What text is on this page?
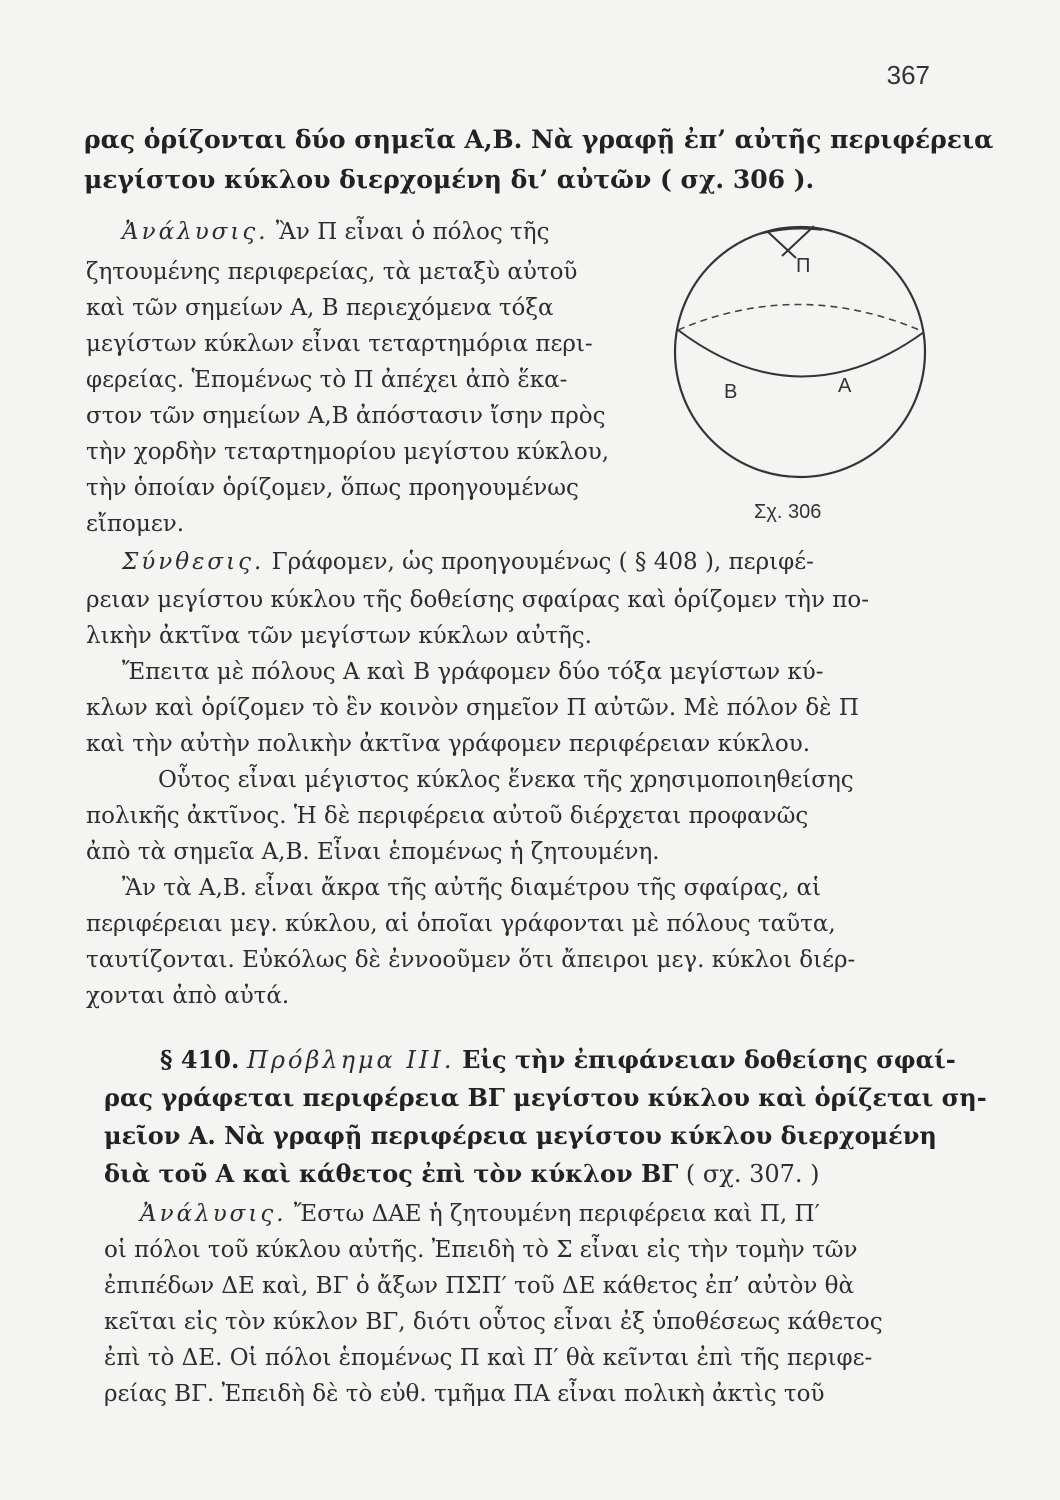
367
ρας ὁρίζονται δύο σημεῖα Α,Β. Νὰ γραφῇ ἐπ’ αὐτῆς περιφέρεια
μεγίστου κύκλου διερχομένη δι’ αὐτῶν ( σχ. 306 ).
Ἀνάλυσις. Ἂν Π εἶναι ὁ πόλος τῆς
ζητουμένης περιφερείας, τὰ μεταξὺ αὐτοῦ
καὶ τῶν σημείων Α, Β περιεχόμενα τόξα
μεγίστων κύκλων εἶναι τεταρτημόρια περι-
φερείας. Ἑπομένως τὸ Π ἀπέχει ἀπὸ ἕκα-
στον τῶν σημείων Α,Β ἀπόστασιν ἴσην πρὸς
τὴν χορδὴν τεταρτημορίου μεγίστου κύκλου,
τὴν ὁποίαν ὁρίζομεν, ὅπως προηγουμένως
εἴπομεν.
Π
Β	Α
Σχ. 306
Σύνθεσις. Γράφομεν, ὡς προηγουμένως ( § 408 ), περιφέ-
ρειαν μεγίστου κύκλου τῆς δοθείσης σφαίρας καὶ ὁρίζομεν τὴν πο-
λικὴν ἀκτῖνα τῶν μεγίστων κύκλων αὐτῆς.
Ἔπειτα μὲ πόλους Α καὶ Β γράφομεν δύο τόξα μεγίστων κύ-
κλων καὶ ὁρίζομεν τὸ ἓν κοινὸν σημεῖον Π αὐτῶν. Μὲ πόλον δὲ Π
καὶ τὴν αὐτὴν πολικὴν ἀκτῖνα γράφομεν περιφέρειαν κύκλου.
Οὗτος εἶναι μέγιστος κύκλος ἕνεκα τῆς χρησιμοποιηθείσης
πολικῆς ἀκτῖνος. Ἡ δὲ περιφέρεια αὐτοῦ διέρχεται προφανῶς
ἀπὸ τὰ σημεῖα Α,Β. Εἶναι ἑπομένως ἡ ζητουμένη.
Ἂν τὰ Α,Β. εἶναι ἄκρα τῆς αὐτῆς διαμέτρου τῆς σφαίρας, αἱ
περιφέρειαι μεγ. κύκλου, αἱ ὁποῖαι γράφονται μὲ πόλους ταῦτα,
ταυτίζονται. Εὐκόλως δὲ ἐννοοῦμεν ὅτι ἄπειροι μεγ. κύκλοι διέρ-
χονται ἀπὸ αὐτά.
§ 410. Πρόβλημα ΙΙΙ. Εἰς τὴν ἐπιφάνειαν δοθείσης σφαί-
ρας γράφεται περιφέρεια ΒΓ μεγίστου κύκλου καὶ ὁρίζεται ση-
μεῖον Α. Νὰ γραφῇ περιφέρεια μεγίστου κύκλου διερχομένη
διὰ τοῦ Α καὶ κάθετος ἐπὶ τὸν κύκλον ΒΓ ( σχ. 307. )
Ἀνάλυσις. Ἔστω ΔΑΕ ἡ ζητουμένη περιφέρεια καὶ Π, Π′
οἱ πόλοι τοῦ κύκλου αὐτῆς. Ἐπειδὴ τὸ Σ εἶναι εἰς τὴν τομὴν τῶν
ἐπιπέδων ΔΕ καὶ, ΒΓ ὁ ἄξων ΠΣΠ′ τοῦ ΔΕ κάθετος ἐπ’ αὐτὸν θὰ
κεῖται εἰς τὸν κύκλον ΒΓ, διότι οὗτος εἶναι ἐξ ὑποθέσεως κάθετος
ἐπὶ τὸ ΔΕ. Οἱ πόλοι ἑπομένως Π καὶ Π′ θὰ κεῖνται ἐπὶ τῆς περιφε-
ρείας ΒΓ. Ἐπειδὴ δὲ τὸ εὐθ. τμῆμα ΠΑ εἶναι πολικὴ ἀκτὶς τοῦ
